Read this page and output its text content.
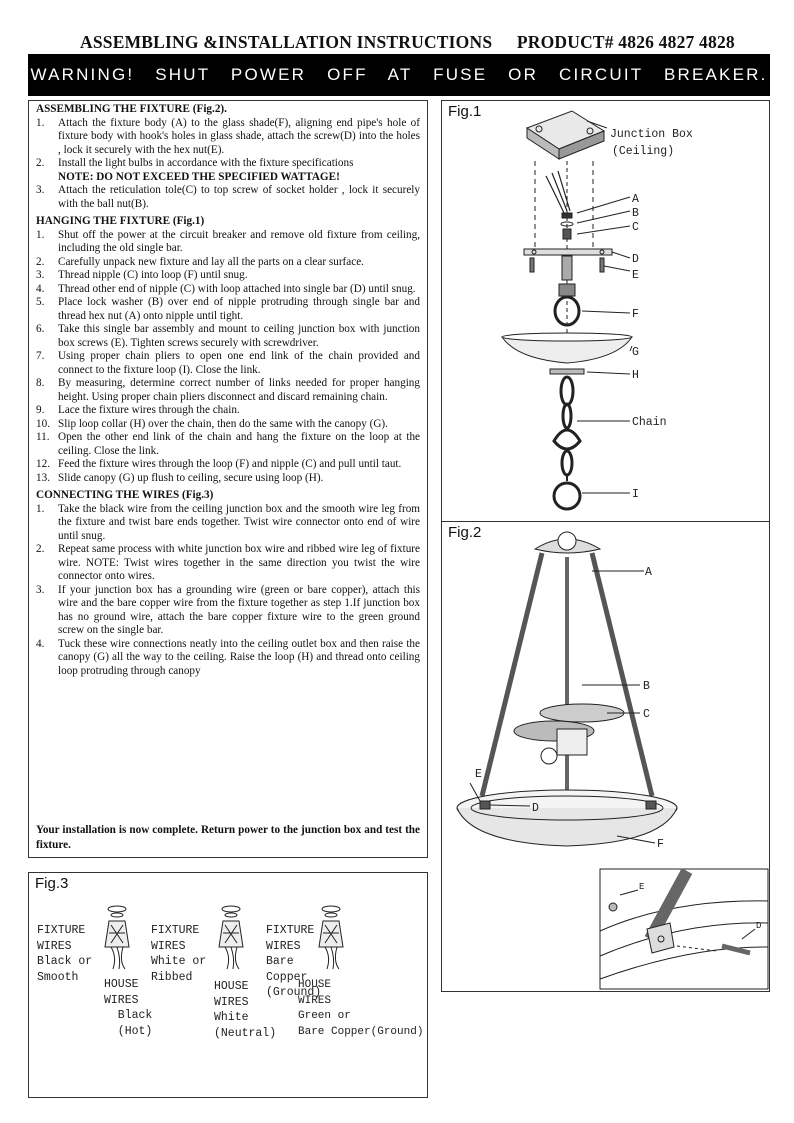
ASSEMBLING &INSTALLATION INSTRUCTIONS PRODUCT# 4826 4827 4828
WARNING! SHUT POWER OFF AT FUSE OR CIRCUIT BREAKER.

ASSEMBLING THE FIXTURE (Fig.2).

1. Attach the fixture body (A) to the glass shade(F), aligning end pipe's hole of fixture body with hook's holes in glass shade, attach the screw(D) into the holes , lock it securely with the hex nut(E).
2. Install the light bulbs in accordance with the fixture specifications
NOTE: DO NOT EXCEED THE SPECIFIED WATTAGE!
3. Attach the reticulation tole(C) to top screw of socket holder , lock it securely with the ball nut(B).

HANGING THE FIXTURE (Fig.1)

1. Shut off the power at the circuit breaker and remove old fixture from ceiling, including the old single bar.
2. Carefully unpack new fixture and lay all the parts on a clear surface.
3. Thread nipple (C) into loop (F) until snug.
4. Thread other end of nipple (C) with loop attached into single bar (D) until snug.
5. Place lock washer (B) over end of nipple protruding through single bar and thread hex nut (A) onto nipple until tight.
6. Take this single bar assembly and mount to ceiling junction box with junction box screws (E). Tighten screws securely with screwdriver.
7. Using proper chain pliers to open one end link of the chain provided and connect to the fixture loop (I). Close the link.
8. By measuring, determine correct number of links needed for proper hanging height. Using proper chain pliers disconnect and discard remaining chain.
9. Lace the fixture wires through the chain.
10. Slip loop collar (H) over the chain, then do the same with the canopy (G).
11. Open the other end link of the chain and hang the fixture on the loop at the ceiling. Close the link.
12. Feed the fixture wires through the loop (F) and nipple (C) and pull until taut.
13. Slide canopy (G) up flush to ceiling, secure using loop (H).

CONNECTING THE WIRES (Fig.3)

1. Take the black wire from the ceiling junction box and the smooth wire leg from the fixture and twist bare ends together. Twist wire connector onto end of wire until snug.
2. Repeat same process with white junction box wire and ribbed wire leg of fixture wire. NOTE: Twist wires together in the same direction you twist the wire connector onto wires.
3. If your junction box has a grounding wire (green or bare copper), attach this wire and the bare copper wire from the fixture together as step 1.If junction box has no ground wire, attach the bare copper fixture wire to the green ground screw on the single bar.
4. Tuck these wire connections neatly into the ceiling outlet box and then raise the canopy (G) all the way to the ceiling. Raise the loop (H) and thread onto ceiling loop protruding through canopy
Your installation is now complete. Return power to the junction box and test the fixture.
Fig.1
Fig.2
Junction Box
(Ceiling)
A
B
C
D
E
F
G
H
Chain
I
A
B
C
E
D
F
E
D
Fig.3
FIXTURE
WIRES
Black or
Smooth
HOUSE
WIRES
Black
(Hot)
FIXTURE
WIRES
White or
Ribbed
HOUSE
WIRES
White
(Neutral)
FIXTURE
WIRES
Bare
Copper
(Ground)
HOUSE
WIRES
Green or
Bare Copper(Ground)
